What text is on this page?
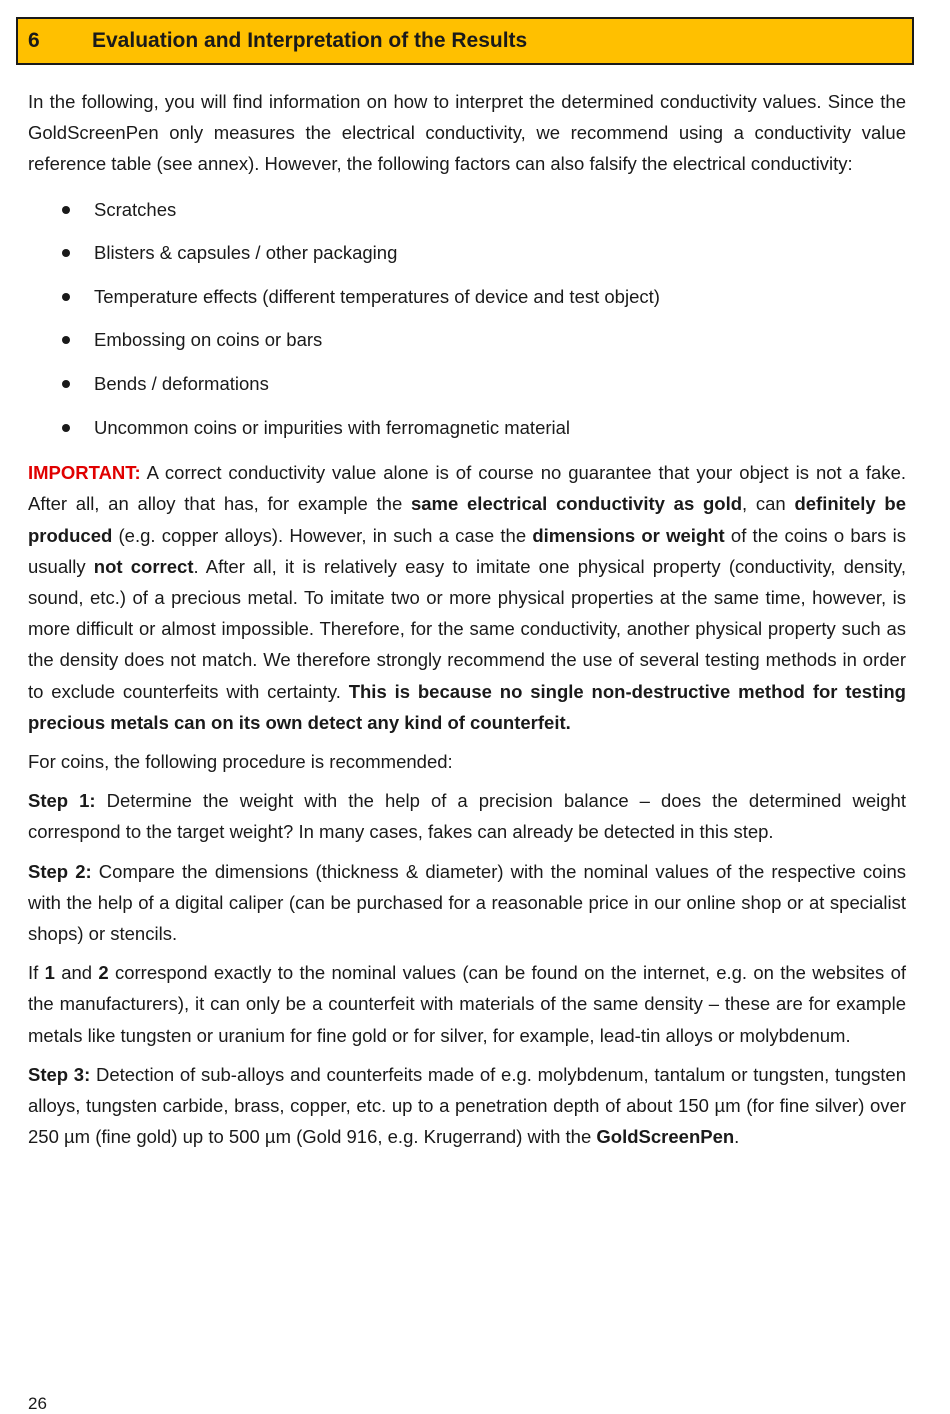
6	Evaluation and Interpretation of the Results

In the following, you will find information on how to interpret the determined conductivity values. Since the GoldScreenPen only measures the electrical conductivity, we recommend using a conductivity value reference table (see annex). However, the following factors can also falsify the electrical conductivity:

Scratches
Blisters & capsules / other packaging
Temperature effects (different temperatures of device and test object)
Embossing on coins or bars
Bends / deformations
Uncommon coins or impurities with ferromagnetic material

IMPORTANT: A correct conductivity value alone is of course no guarantee that your object is not a fake. After all, an alloy that has, for example the same electrical conductivity as gold, can definitely be produced (e.g. copper alloys). However, in such a case the dimensions or weight of the coins o bars is usually not correct. After all, it is relatively easy to imitate one physical property (conductivity, density, sound, etc.) of a precious metal. To imitate two or more physical properties at the same time, however, is more difficult or almost impossible. Therefore, for the same conductivity, another physical property such as the density does not match. We therefore strongly recommend the use of several testing methods in order to exclude counterfeits with certainty. This is because no single non-destructive method for testing precious metals can on its own detect any kind of counterfeit.

For coins, the following procedure is recommended:

Step 1: Determine the weight with the help of a precision balance – does the determined weight correspond to the target weight? In many cases, fakes can already be detected in this step.

Step 2: Compare the dimensions (thickness & diameter) with the nominal values of the respective coins with the help of a digital caliper (can be purchased for a reasonable price in our online shop or at specialist shops) or stencils.

If 1 and 2 correspond exactly to the nominal values (can be found on the internet, e.g. on the websites of the manufacturers), it can only be a counterfeit with materials of the same density – these are for example metals like tungsten or uranium for fine gold or for silver, for example, lead-tin alloys or molybdenum.

Step 3: Detection of sub-alloys and counterfeits made of e.g. molybdenum, tantalum or tungsten, tungsten alloys, tungsten carbide, brass, copper, etc. up to a penetration depth of about 150 µm (for fine silver) over 250 µm (fine gold) up to 500 µm (Gold 916, e.g. Krugerrand) with the GoldScreenPen.

26
